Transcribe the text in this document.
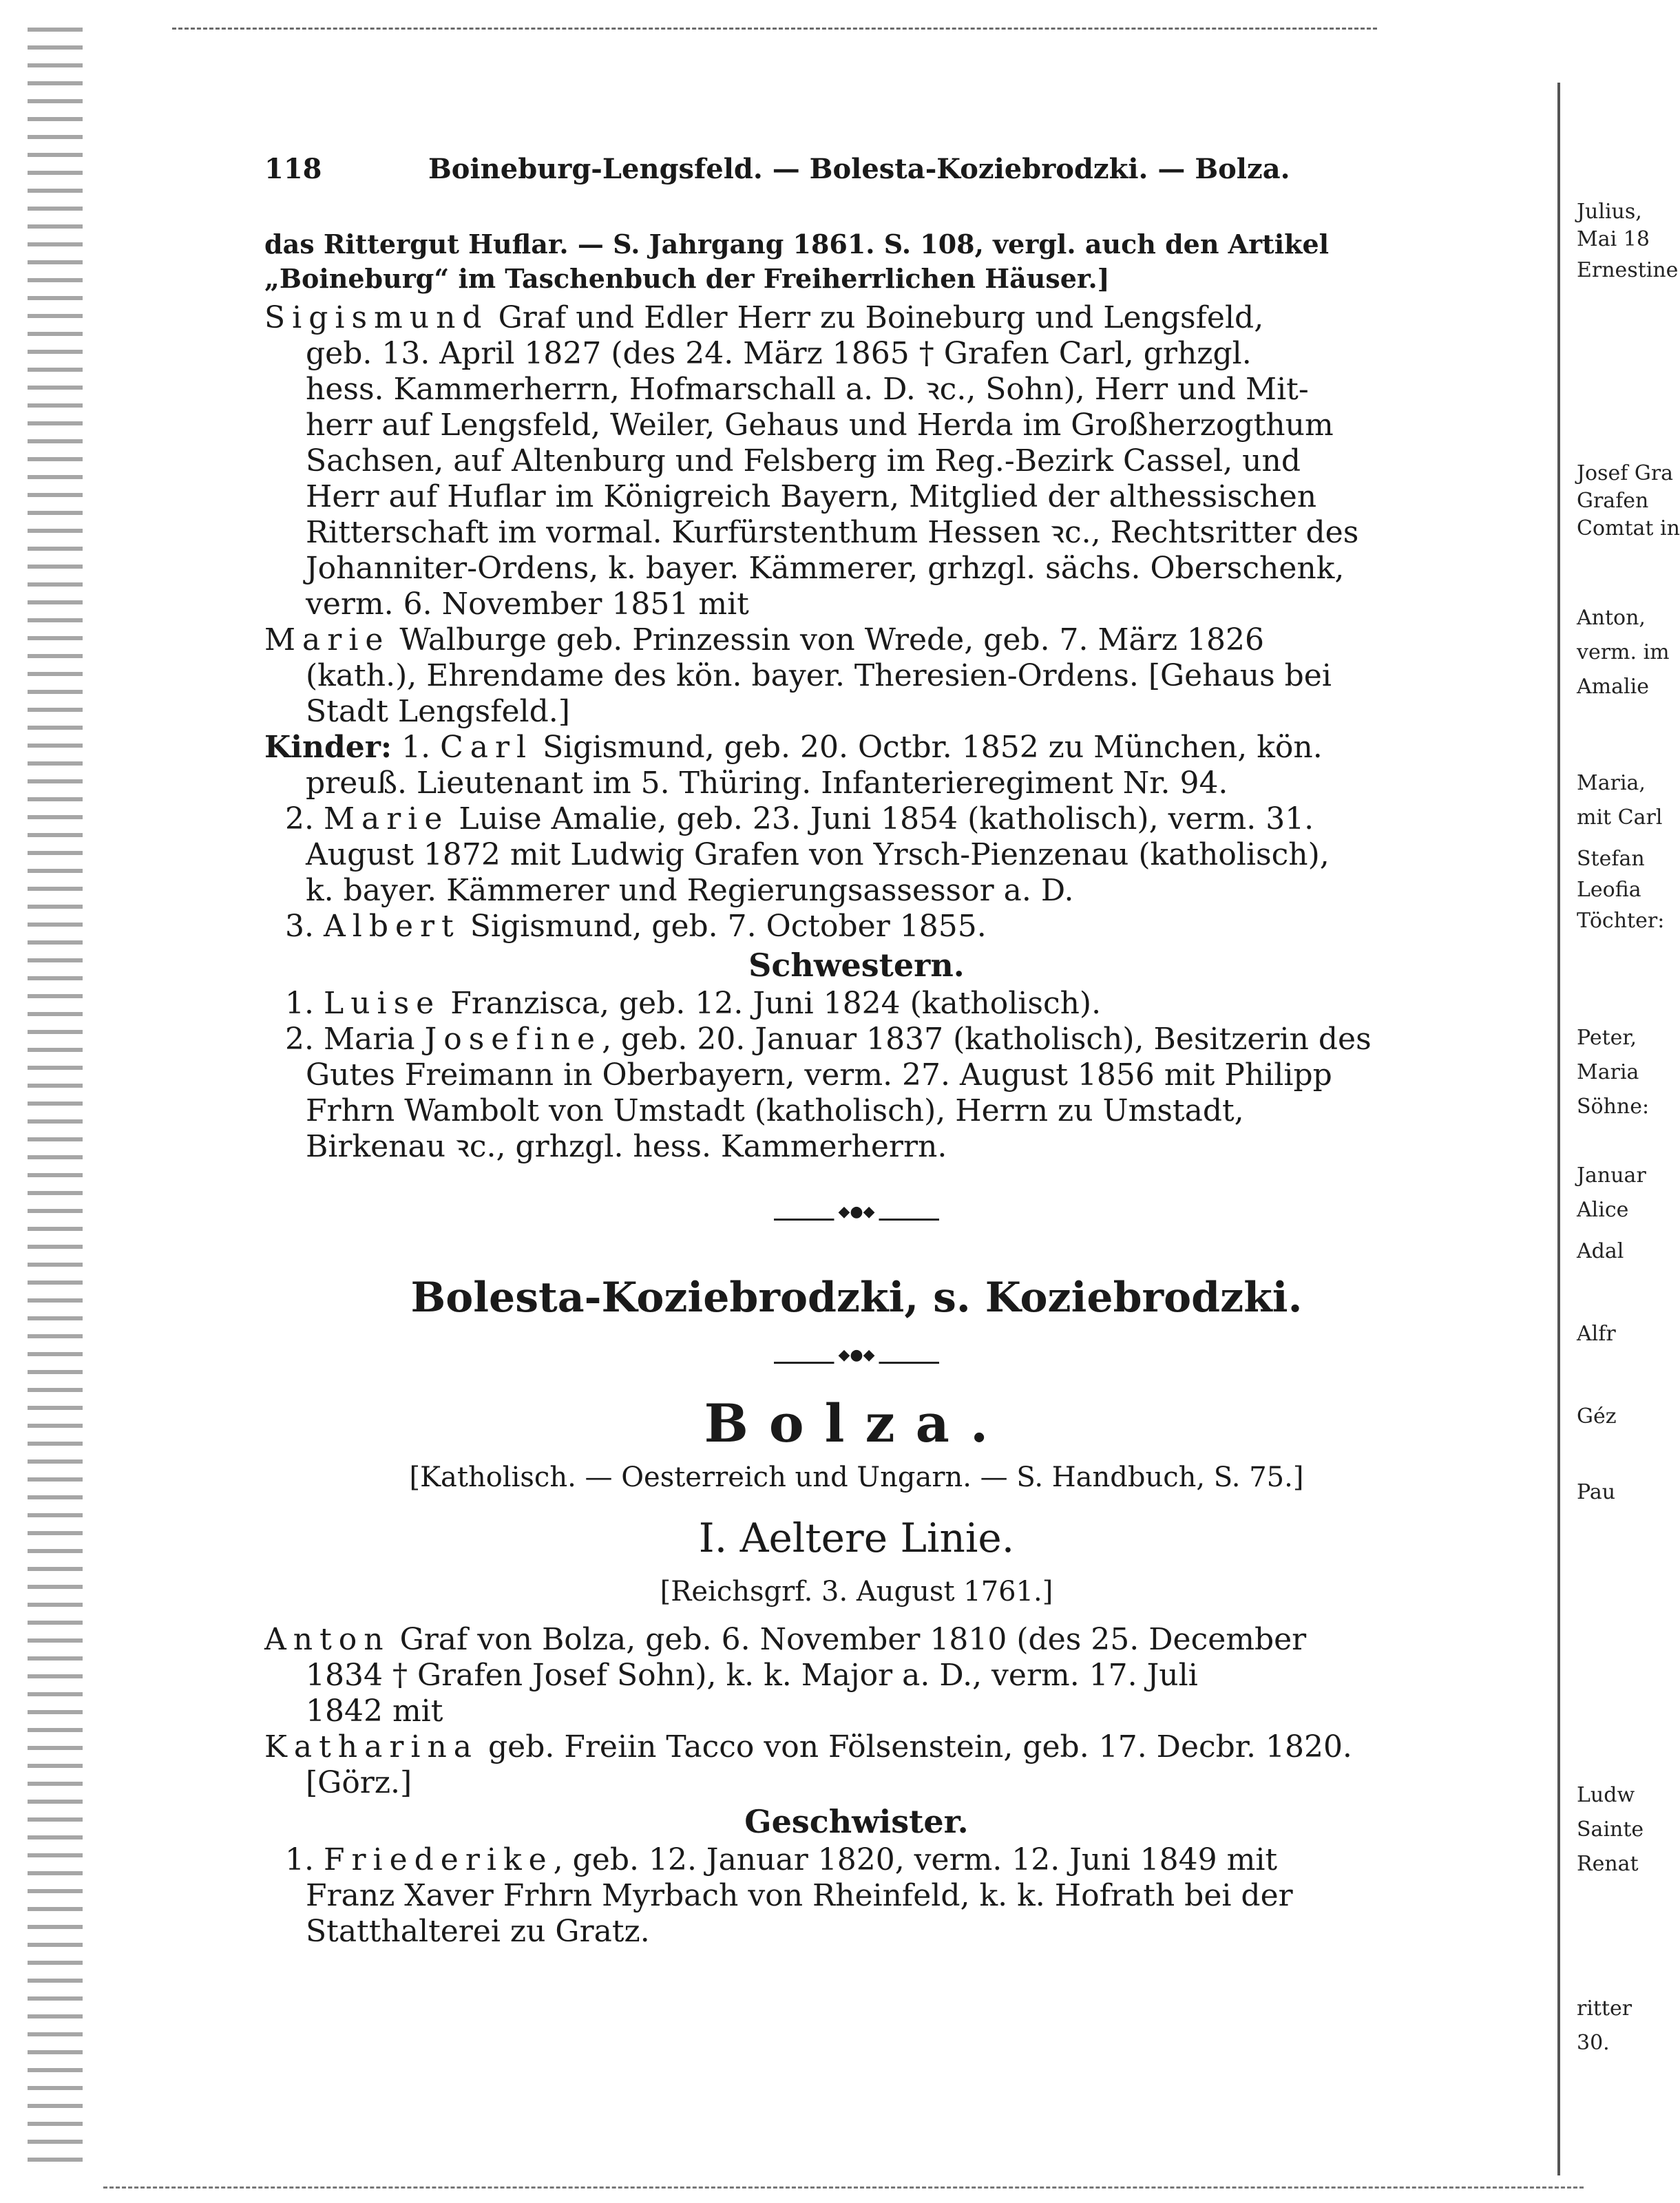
118	Boineburg-Lengsfeld. — Bolesta-Koziebrodzki. — Bolza.
das Rittergut Huflar. — S. Jahrgang 1861. S. 108, vergl. auch den Artikel
„Boineburg“ im Taschenbuch der Freiherrlichen Häuser.]
Sigismund Graf und Edler Herr zu Boineburg und Lengsfeld,
geb. 13. April 1827 (des 24. März 1865 † Grafen Carl, grhzgl.
hess. Kammerherrn, Hofmarschall a. D. ꝛc., Sohn), Herr und Mit-
herr auf Lengsfeld, Weiler, Gehaus und Herda im Großherzogthum
Sachsen, auf Altenburg und Felsberg im Reg.-Bezirk Cassel, und
Herr auf Huflar im Königreich Bayern, Mitglied der althessischen
Ritterschaft im vormal. Kurfürstenthum Hessen ꝛc., Rechtsritter des
Johanniter-Ordens, k. bayer. Kämmerer, grhzgl. sächs. Oberschenk,
verm. 6. November 1851 mit
Marie Walburge geb. Prinzessin von Wrede, geb. 7. März 1826
(kath.), Ehrendame des kön. bayer. Theresien-Ordens. [Gehaus bei
Stadt Lengsfeld.]
Kinder: 1. Carl Sigismund, geb. 20. Octbr. 1852 zu München, kön.
preuß. Lieutenant im 5. Thüring. Infanterieregiment Nr. 94.
2. Marie Luise Amalie, geb. 23. Juni 1854 (katholisch), verm. 31.
August 1872 mit Ludwig Grafen von Yrsch-Pienzenau (katholisch),
k. bayer. Kämmerer und Regierungsassessor a. D.
3. Albert Sigismund, geb. 7. October 1855.
Schwestern.
1. Luise Franzisca, geb. 12. Juni 1824 (katholisch).
2. Maria Josefine, geb. 20. Januar 1837 (katholisch), Besitzerin des
Gutes Freimann in Oberbayern, verm. 27. August 1856 mit Philipp
Frhrn Wambolt von Umstadt (katholisch), Herrn zu Umstadt,
Birkenau ꝛc., grhzgl. hess. Kammerherrn.
◆●◆
Bolesta-Koziebrodzki, s. Koziebrodzki.
◆●◆
Bolza.
[Katholisch. — Oesterreich und Ungarn. — S. Handbuch, S. 75.]
I. Aeltere Linie.
[Reichsgrf. 3. August 1761.]
Anton Graf von Bolza, geb. 6. November 1810 (des 25. December
1834 † Grafen Josef Sohn), k. k. Major a. D., verm. 17. Juli
1842 mit
Katharina geb. Freiin Tacco von Fölsenstein, geb. 17. Decbr. 1820.
[Görz.]
Geschwister.
1. Friederike, geb. 12. Januar 1820, verm. 12. Juni 1849 mit
Franz Xaver Frhrn Myrbach von Rheinfeld, k. k. Hofrath bei der
Statthalterei zu Gratz.
Julius,
Mai 18
Ernestine
Josef Gra
Grafen
Comtat in
Anton,
verm. im
Amalie
Maria,
mit Carl
Stefan
Leofia
Töchter:
Peter,
Maria
Söhne:
Januar
Alice
Adal
Alfr
Géz
Pau
Ludw
Sainte
Renat
ritter
30.
